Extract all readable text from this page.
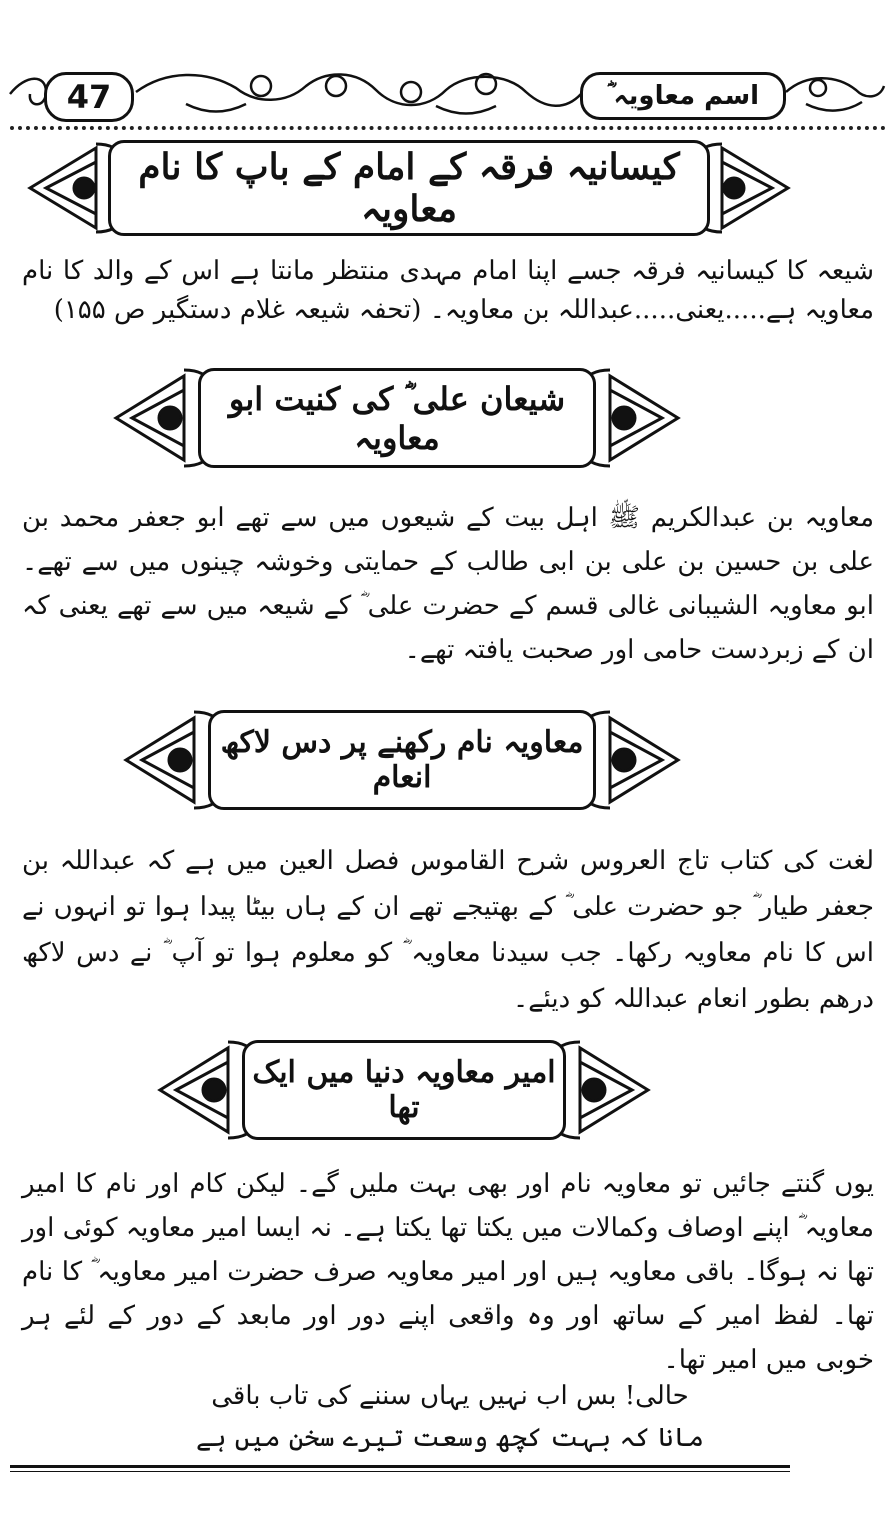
47	اسم معاویہ ؓ
کیسانیہ فرقہ کے امام کے باپ کا نام معاویہ
شیعہ کا کیسانیہ فرقہ جسے اپنا امام مہدی منتظر مانتا ہے اس کے والد کا نام معاویہ ہے.....یعنی.....عبداللہ بن معاویہ۔ (تحفہ شیعہ غلام دستگیر ص ۱۵۵)
شیعان علی ؓ کی کنیت ابو معاویہ
معاویہ بن عبدالکریم ﷺ اہل بیت کے شیعوں میں سے تھے ابو جعفر محمد بن علی بن حسین بن علی بن ابی طالب کے حمایتی وخوشہ چینوں میں سے تھے۔ ابو معاویہ الشیبانی غالی قسم کے حضرت علی ؓ کے شیعہ میں سے تھے یعنی کہ ان کے زبردست حامی اور صحبت یافتہ تھے۔
معاویہ نام رکھنے پر دس لاکھ انعام
لغت کی کتاب تاج العروس شرح القاموس فصل العین میں ہے کہ عبداللہ بن جعفر طیار ؓ جو حضرت علی ؓ کے بھتیجے تھے ان کے ہاں بیٹا پیدا ہوا تو انہوں نے اس کا نام معاویہ رکھا۔ جب سیدنا معاویہ ؓ کو معلوم ہوا تو آپ ؓ نے دس لاکھ درھم بطور انعام عبداللہ کو دیئے۔
امیر معاویہ دنیا میں ایک تھا
یوں گنتے جائیں تو معاویہ نام اور بھی بہت ملیں گے۔ لیکن کام اور نام کا امیر معاویہ ؓ اپنے اوصاف وکمالات میں یکتا تھا یکتا ہے۔ نہ ایسا امیر معاویہ کوئی اور تھا نہ ہوگا۔ باقی معاویہ ہیں اور امیر معاویہ صرف حضرت امیر معاویہ ؓ کا نام تھا۔ لفظ امیر کے ساتھ اور وہ واقعی اپنے دور اور مابعد کے دور کے لئے ہر خوبی میں امیر تھا۔
حالی! بس اب نہیں یہاں سننے کی تاب باقی
مانا کہ بہت کچھ وسعت تیرے سخن میں ہے
